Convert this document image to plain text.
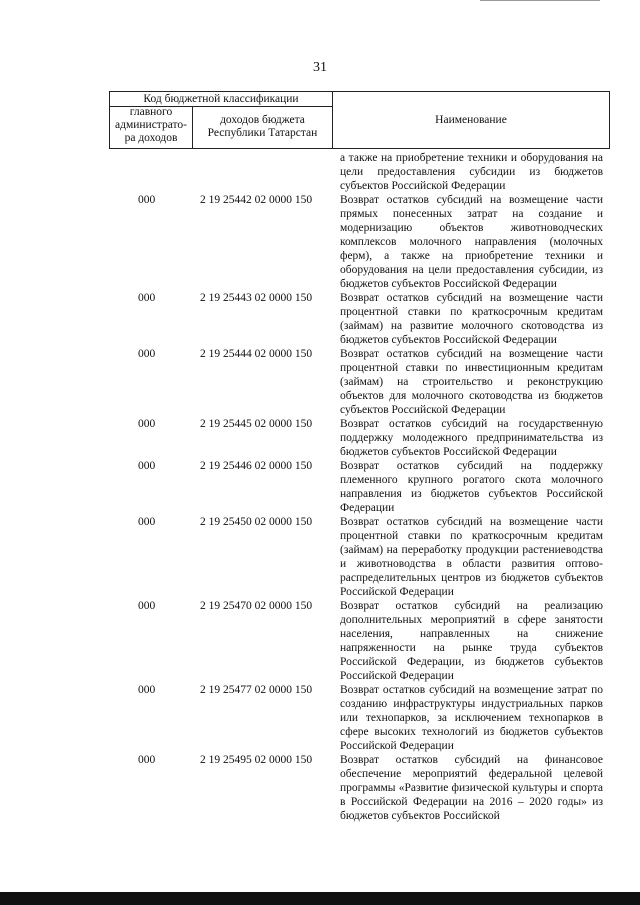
31
Код бюджетной классификации
главного
администрато-
ра доходов
доходов бюджета
Республики Татарстан
Наименование
а также на приобретение техники и оборудования на цели предоставления субсидии из бюджетов субъектов Российской Федерации
000	2 19 25442 02 0000 150 Возврат остатков субсидий на возмещение части прямых понесенных затрат на создание и модернизацию объектов животноводческих комплексов молочного направления (молочных ферм), а также на приобретение техники и оборудования на цели предоставления субсидии, из бюджетов субъектов Российской Федерации
000	2 19 25443 02 0000 150 Возврат остатков субсидий на возмещение части процентной ставки по краткосрочным кредитам (займам) на развитие молочного скотоводства из бюджетов субъектов Российской Федерации
000	2 19 25444 02 0000 150 Возврат остатков субсидий на возмещение части процентной ставки по инвестиционным кредитам (займам) на строительство и реконструкцию объектов для молочного скотоводства из бюджетов субъектов Российской Федерации
000	2 19 25445 02 0000 150 Возврат остатков субсидий на государственную поддержку молодежного предпринимательства из бюджетов субъектов Российской Федерации
000	2 19 25446 02 0000 150 Возврат остатков субсидий на поддержку племенного крупного рогатого скота молочного направления из бюджетов субъектов Российской Федерации
000	2 19 25450 02 0000 150 Возврат остатков субсидий на возмещение части процентной ставки по краткосрочным кредитам (займам) на переработку продукции растениеводства и животноводства в области развития оптово-распределительных центров из бюджетов субъектов Российской Федерации
000	2 19 25470 02 0000 150 Возврат остатков субсидий на реализацию дополнительных мероприятий в сфере занятости населения, направленных на снижение напряженности на рынке труда субъектов Российской Федерации, из бюджетов субъектов Российской Федерации
000	2 19 25477 02 0000 150 Возврат остатков субсидий на возмещение затрат по созданию инфраструктуры индустриальных парков или технопарков, за исключением технопарков в сфере высоких технологий из бюджетов субъектов Российской Федерации
000	2 19 25495 02 0000 150 Возврат остатков субсидий на финансовое обеспечение мероприятий федеральной целевой программы «Развитие физической культуры и спорта в Российской Федерации на 2016 – 2020 годы» из бюджетов субъектов Российской
